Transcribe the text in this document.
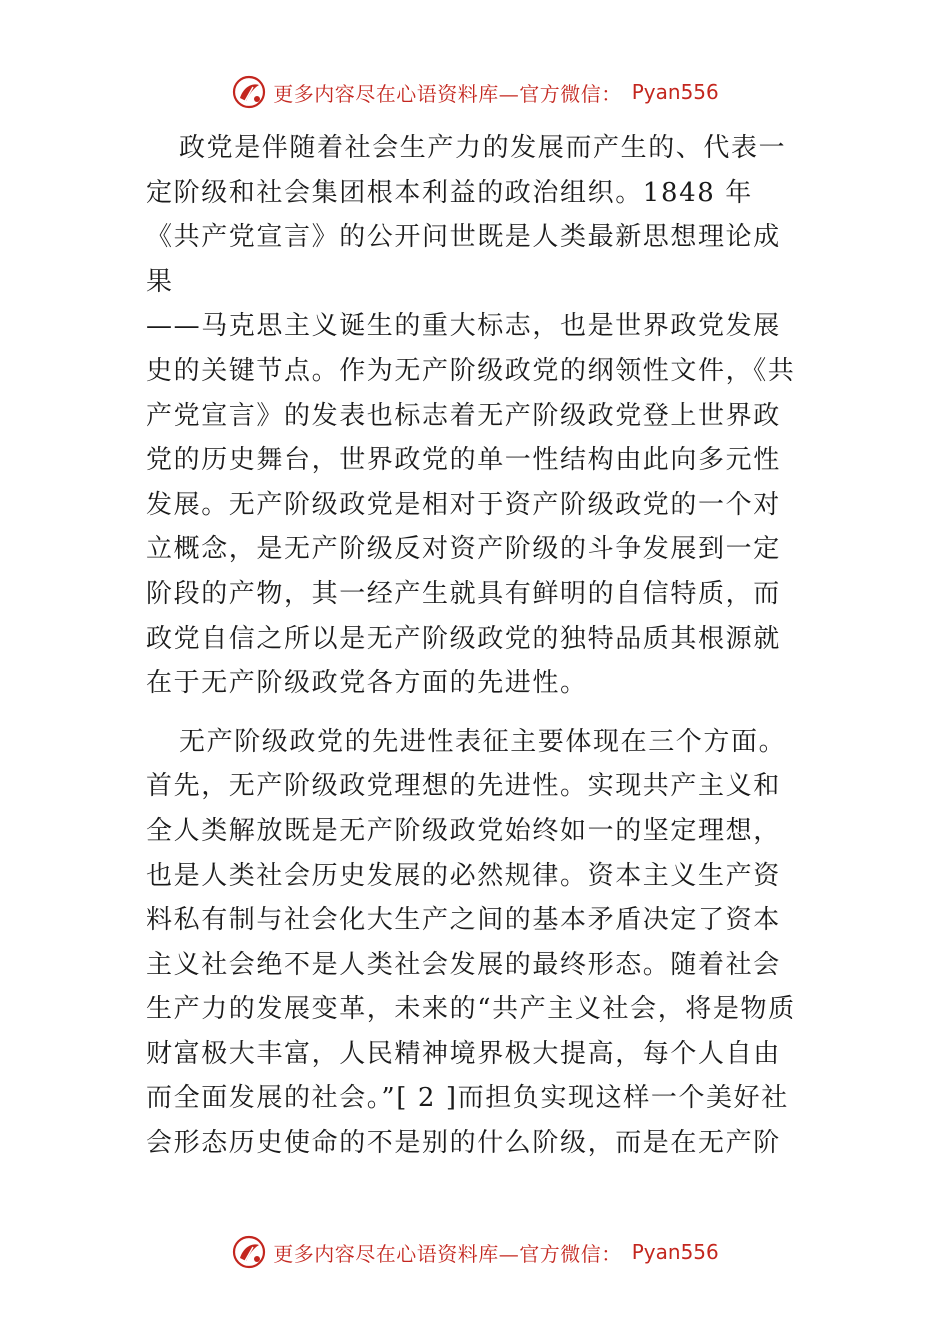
更多内容尽在心语资料库—官方微信： Pyan556

政党是伴随着社会生产力的发展而产生的、代表一
定阶级和社会集团根本利益的政治组织。1848 年
《共产党宣言》的公开问世既是人类最新思想理论成
果
——马克思主义诞生的重大标志，也是世界政党发展
史的关键节点。作为无产阶级政党的纲领性文件，《共
产党宣言》的发表也标志着无产阶级政党登上世界政
党的历史舞台，世界政党的单一性结构由此向多元性
发展。无产阶级政党是相对于资产阶级政党的一个对
立概念，是无产阶级反对资产阶级的斗争发展到一定
阶段的产物，其一经产生就具有鲜明的自信特质，而
政党自信之所以是无产阶级政党的独特品质其根源就
在于无产阶级政党各方面的先进性。

无产阶级政党的先进性表征主要体现在三个方面。
首先，无产阶级政党理想的先进性。实现共产主义和
全人类解放既是无产阶级政党始终如一的坚定理想，
也是人类社会历史发展的必然规律。资本主义生产资
料私有制与社会化大生产之间的基本矛盾决定了资本
主义社会绝不是人类社会发展的最终形态。随着社会
生产力的发展变革，未来的“共产主义社会，将是物质
财富极大丰富，人民精神境界极大提高，每个人自由
而全面发展的社会。”[ 2 ]而担负实现这样一个美好社
会形态历史使命的不是别的什么阶级，而是在无产阶

更多内容尽在心语资料库—官方微信： Pyan556
